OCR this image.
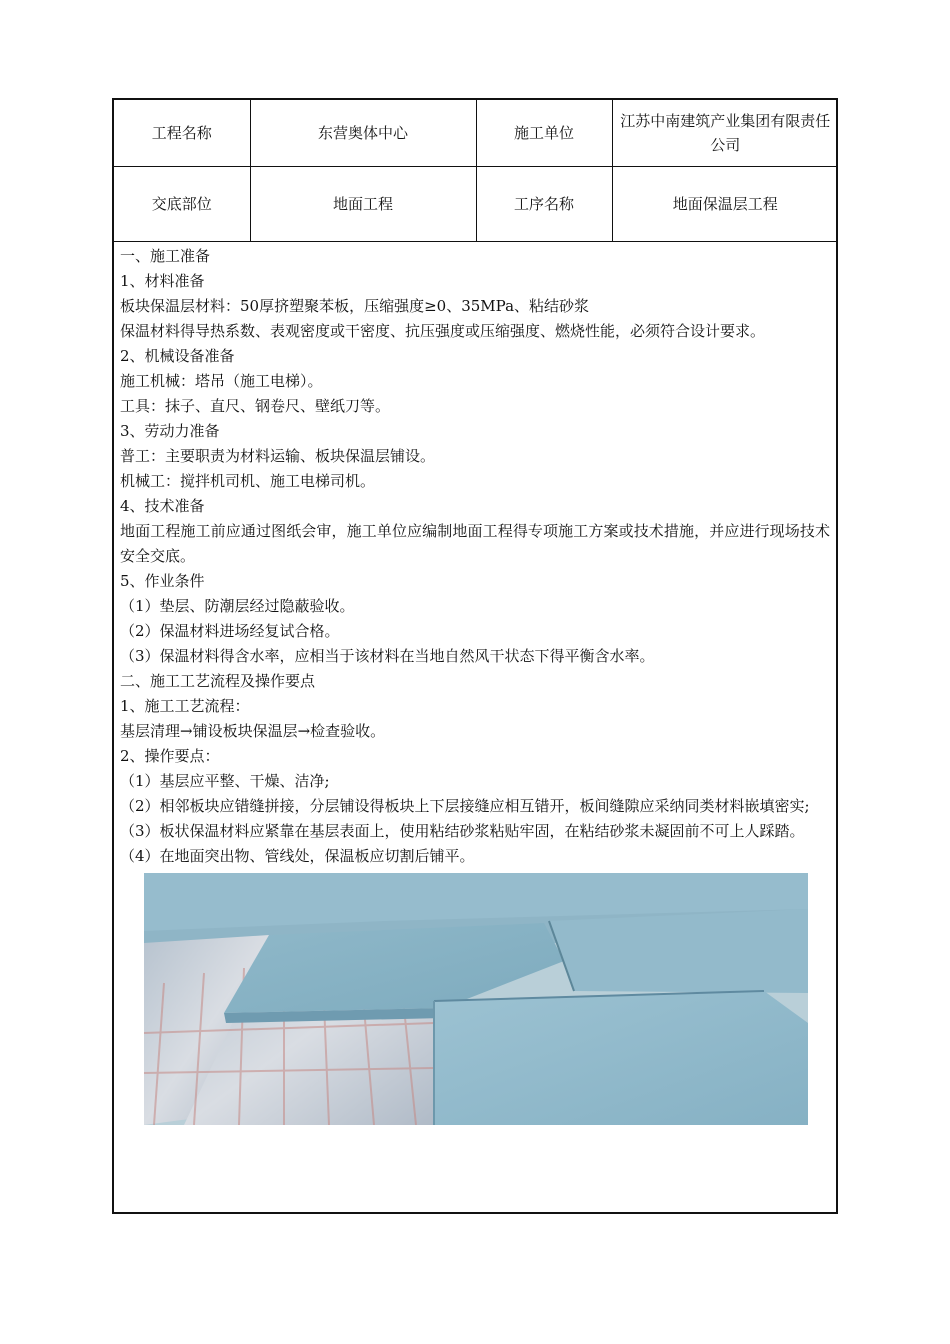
工程名称	东营奥体中心	施工单位	江苏中南建筑产业集团有限责任公司
交底部位	地面工程	工序名称	地面保温层工程

一、施工准备

1、材料准备

板块保温层材料：50厚挤塑聚苯板，压缩强度≥0、35MPa、粘结砂浆

保温材料得导热系数、表观密度或干密度、抗压强度或压缩强度、燃烧性能，必须符合设计要求。

2、机械设备准备

施工机械：塔吊（施工电梯）。

工具：抹子、直尺、钢卷尺、壁纸刀等。

3、劳动力准备

普工：主要职责为材料运输、板块保温层铺设。

机械工：搅拌机司机、施工电梯司机。

4、技术准备

地面工程施工前应通过图纸会审，施工单位应编制地面工程得专项施工方案或技术措施，并应进行现场技术安全交底。

5、作业条件

（1）垫层、防潮层经过隐蔽验收。

（2）保温材料进场经复试合格。

（3）保温材料得含水率，应相当于该材料在当地自然风干状态下得平衡含水率。

二、施工工艺流程及操作要点

1、施工工艺流程：

基层清理→铺设板块保温层→检查验收。

2、操作要点：

（1）基层应平整、干燥、洁净;

（2）相邻板块应错缝拼接，分层铺设得板块上下层接缝应相互错开，板间缝隙应采纳同类材料嵌填密实;

（3）板状保温材料应紧靠在基层表面上，使用粘结砂浆粘贴牢固，在粘结砂浆未凝固前不可上人踩踏。

（4）在地面突出物、管线处，保温板应切割后铺平。
